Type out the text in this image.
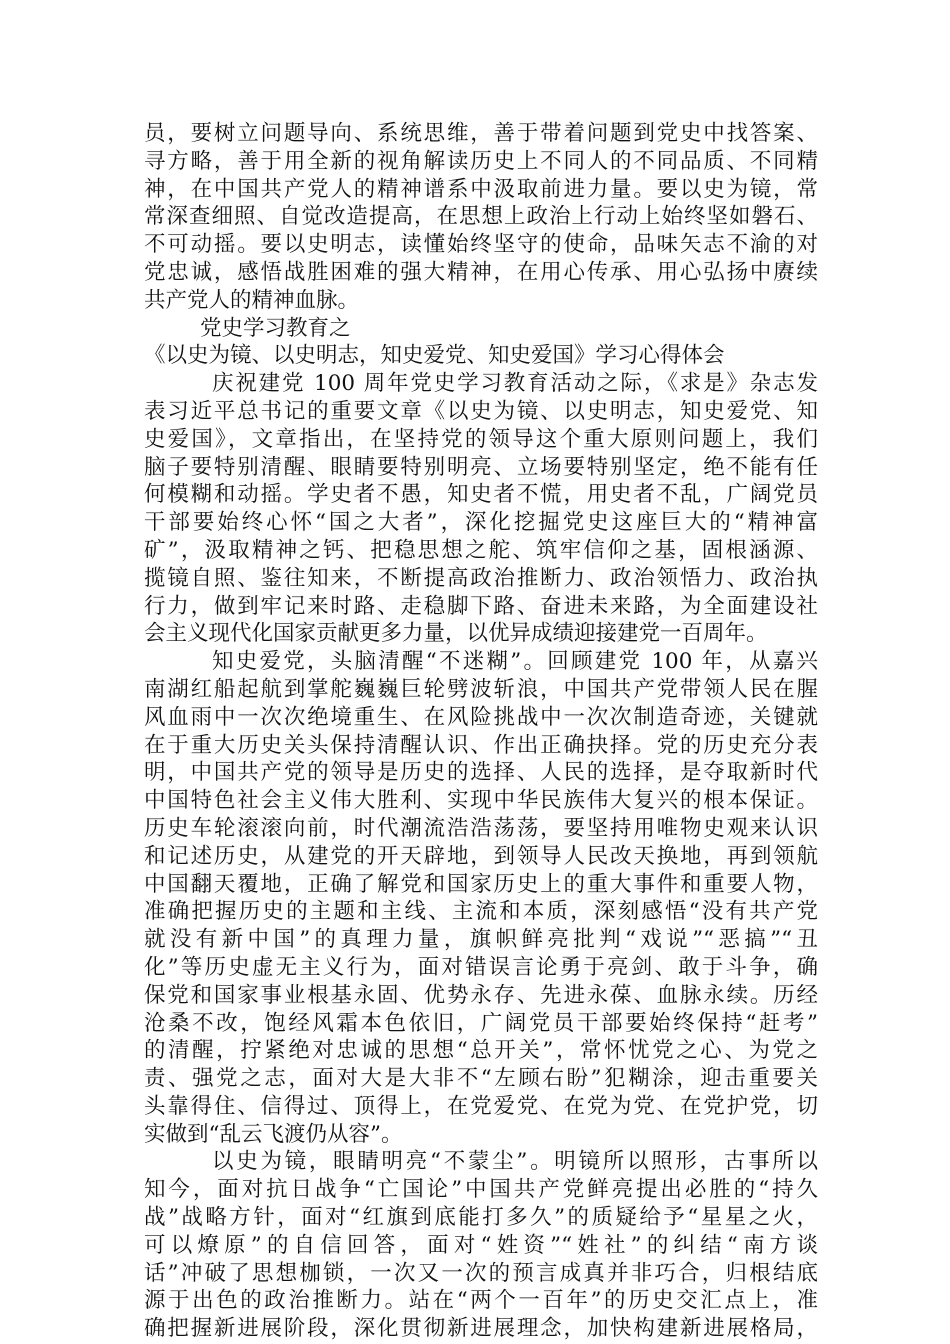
员，要树立问题导向、系统思维，善于带着问题到党史中找答案、
寻方略，善于用全新的视角解读历史上不同人的不同品质、不同精
神，在中国共产党人的精神谱系中汲取前进力量。要以史为镜，常
常深查细照、自觉改造提高，在思想上政治上行动上始终坚如磐石、
不可动摇。要以史明志，读懂始终坚守的使命，品味矢志不渝的对
党忠诚，感悟战胜困难的强大精神，在用心传承、用心弘扬中赓续
共产党人的精神血脉。
党史学习教育之
《以史为镜、以史明志，知史爱党、知史爱国》学习心得体会
庆祝建党 100 周年党史学习教育活动之际，《求是》杂志发
表习近平总书记的重要文章《以史为镜、以史明志，知史爱党、知
史爱国》，文章指出，在坚持党的领导这个重大原则问题上，我们
脑子要特别清醒、眼睛要特别明亮、立场要特别坚定，绝不能有任
何模糊和动摇。学史者不愚，知史者不慌，用史者不乱，广阔党员
干部要始终心怀“国之大者”，深化挖掘党史这座巨大的“精神富
矿”，汲取精神之钙、把稳思想之舵、筑牢信仰之基，固根涵源、
揽镜自照、鉴往知来，不断提高政治推断力、政治领悟力、政治执
行力，做到牢记来时路、走稳脚下路、奋进未来路，为全面建设社
会主义现代化国家贡献更多力量，以优异成绩迎接建党一百周年。
知史爱党，头脑清醒“不迷糊”。回顾建党 100 年，从嘉兴
南湖红船起航到掌舵巍巍巨轮劈波斩浪，中国共产党带领人民在腥
风血雨中一次次绝境重生、在风险挑战中一次次制造奇迹，关键就
在于重大历史关头保持清醒认识、作出正确抉择。党的历史充分表
明，中国共产党的领导是历史的选择、人民的选择，是夺取新时代
中国特色社会主义伟大胜利、实现中华民族伟大复兴的根本保证。
历史车轮滚滚向前，时代潮流浩浩荡荡，要坚持用唯物史观来认识
和记述历史，从建党的开天辟地，到领导人民改天换地，再到领航
中国翻天覆地，正确了解党和国家历史上的重大事件和重要人物，
准确把握历史的主题和主线、主流和本质，深刻感悟“没有共产党
就没有新中国”的真理力量，旗帜鲜亮批判“戏说”“恶搞”“丑
化”等历史虚无主义行为，面对错误言论勇于亮剑、敢于斗争，确
保党和国家事业根基永固、优势永存、先进永葆、血脉永续。历经
沧桑不改，饱经风霜本色依旧，广阔党员干部要始终保持“赶考”
的清醒，拧紧绝对忠诚的思想“总开关”，常怀忧党之心、为党之
责、强党之志，面对大是大非不“左顾右盼”犯糊涂，迎击重要关
头靠得住、信得过、顶得上，在党爱党、在党为党、在党护党，切
实做到“乱云飞渡仍从容”。
以史为镜，眼睛明亮“不蒙尘”。明镜所以照形，古事所以
知今，面对抗日战争“亡国论”中国共产党鲜亮提出必胜的“持久
战”战略方针，面对“红旗到底能打多久”的质疑给予“星星之火，
可以燎原”的自信回答，面对“姓资”“姓社”的纠结“南方谈
话”冲破了思想枷锁，一次又一次的预言成真并非巧合，归根结底
源于出色的政治推断力。站在“两个一百年”的历史交汇点上，准
确把握新进展阶段，深化贯彻新进展理念，加快构建新进展格局，
